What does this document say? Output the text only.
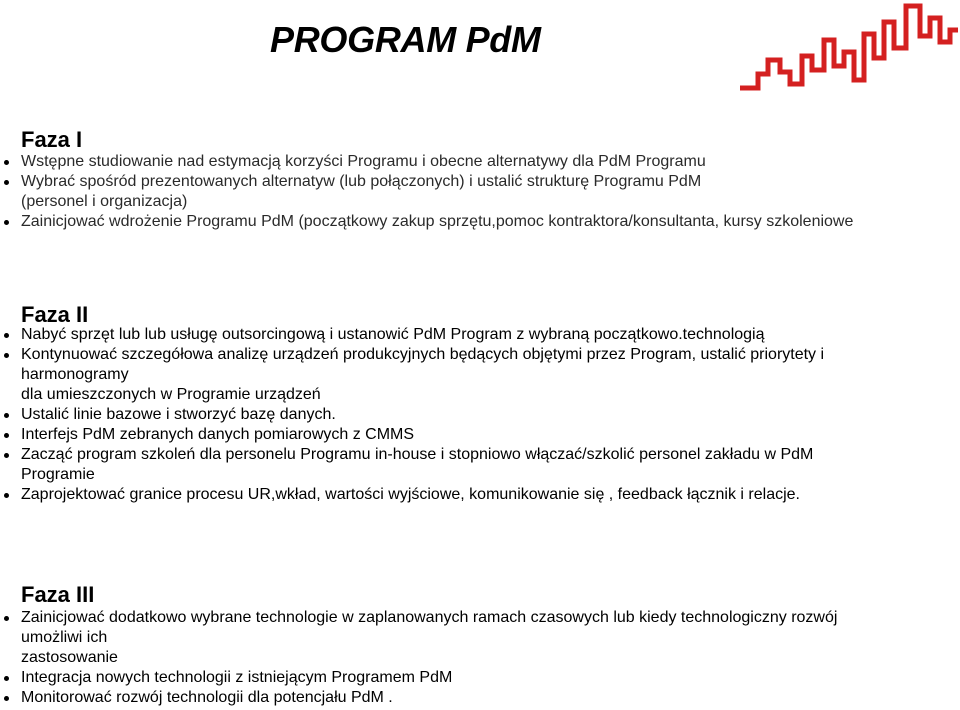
PROGRAM PdM
Faza I
Wstępne studiowanie nad estymacją korzyści Programu i obecne alternatywy dla PdM Programu
Wybrać spośród prezentowanych alternatyw (lub połączonych) i ustalić strukturę Programu PdM
(personel i organizacja)
Zainicjować wdrożenie Programu PdM (początkowy zakup sprzętu,pomoc kontraktora/konsultanta, kursy szkoleniowe
Faza II
Nabyć sprzęt lub lub usługę outsorcingową i ustanowić PdM Program z wybraną początkowo.technologią
Kontynuować szczegółowa analizę urządzeń produkcyjnych będących objętymi przez Program, ustalić priorytety i
harmonogramy
dla umieszczonych w Programie urządzeń
Ustalić linie bazowe i stworzyć bazę danych.
Interfejs PdM zebranych danych pomiarowych z CMMS
Zacząć program szkoleń dla personelu Programu in-house i stopniowo włączać/szkolić personel zakładu w PdM
Programie
Zaprojektować granice procesu UR,wkład, wartości wyjściowe, komunikowanie się , feedback łącznik i relacje.
Faza III
Zainicjować dodatkowo wybrane technologie w zaplanowanych ramach czasowych lub kiedy technologiczny rozwój
umożliwi ich
zastosowanie
Integracja nowych technologii z istniejącym Programem PdM
Monitorować rozwój technologii dla potencjału PdM .
